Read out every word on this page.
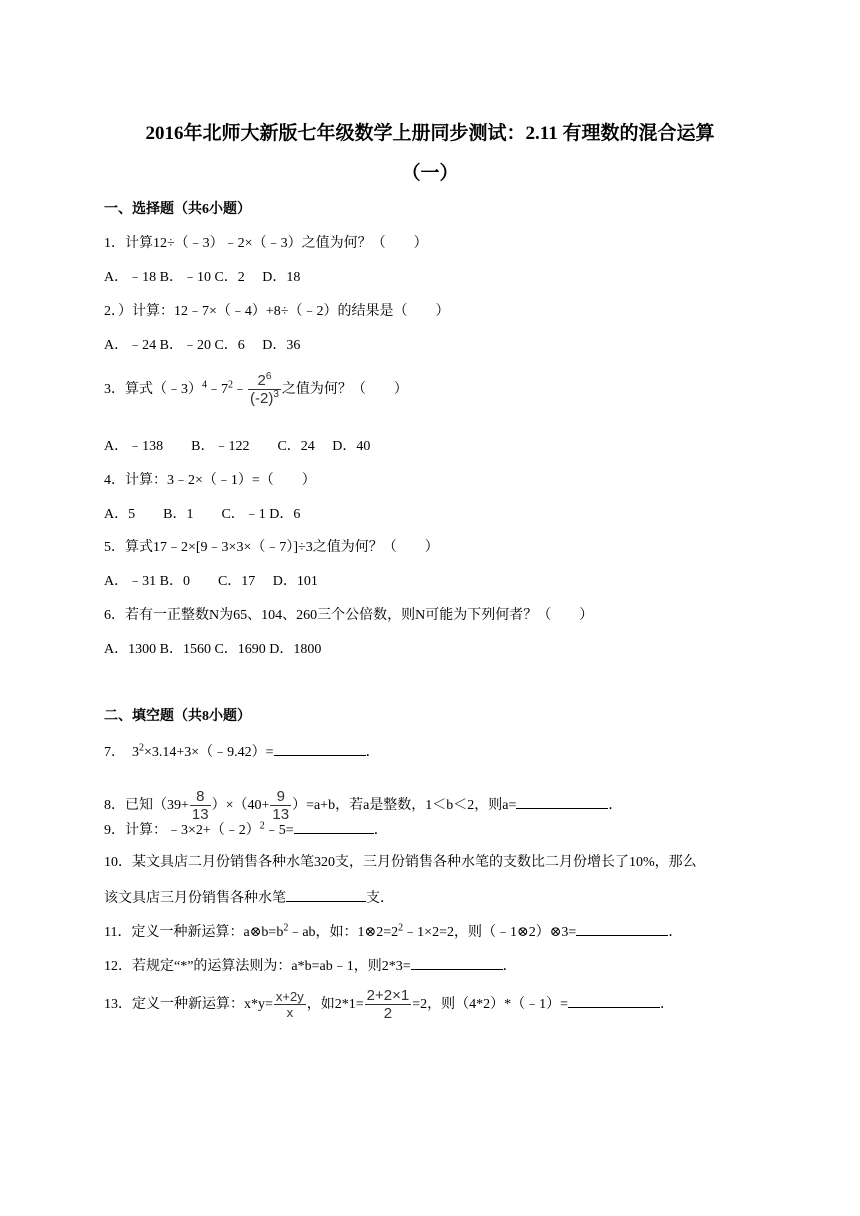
2016年北师大新版七年级数学上册同步测试：2.11 有理数的混合运算
（一）
一、选择题（共6小题）
1．计算12÷（﹣3）﹣2×（﹣3）之值为何？（　　）
A．﹣18 B．﹣10 C．2　 D．18
2．）计算：12﹣7×（﹣4）+8÷（﹣2）的结果是（　　）
A．﹣24 B．﹣20 C．6　 D．36
3．算式$(﹣3)^4﹣7^2﹣ \frac{2^6}{(-2)^3}$ 之值为何？（　　）
A．﹣138　　B．﹣122　　C．24　 D．40
4．计算：3﹣2×（﹣1）=（　　）
A．5　　B．1　　C．﹣1 D．6
5．算式17﹣2×[9﹣3×3×（﹣7）]÷3之值为何？（　　）
A．﹣31 B．0　　C．17　 D．101
6．若有一正整数N为65、104、260三个公倍数，则N可能为下列何者？（　　）
A．1300 B．1560 C．1690 D．1800
二、填空题（共8小题）
7．　$3^2\times 3.14+3\times(﹣9.42)=$	．
8．已知$(39+ \frac{8}{13} )\times(40+ \frac{9}{13} )=a+b$，若a是整数，1＜b＜2，则a=	．
9．计算：﹣3×2+（﹣2）$^2$﹣5=	．
10．某文具店二月份销售各种水笔320支，三月份销售各种水笔的支数比二月份增长了10%，那么
该文具店三月份销售各种水笔	支．
11．定义一种新运算：$a\otimes b=b^2﹣ab$，如：$1\otimes 2=2^2﹣1\times 2=2$，则（﹣1⊗2）⊗3=	．
12．若规定“*”的运算法则为：a*b=ab﹣1，则2*3=	．
13．定义一种新运算：$x*y= \frac{x+2y}{x}$ ，如$2*1= \frac{2+2\times 1}{2} =2$，则（4*2）*（﹣1）=	．
